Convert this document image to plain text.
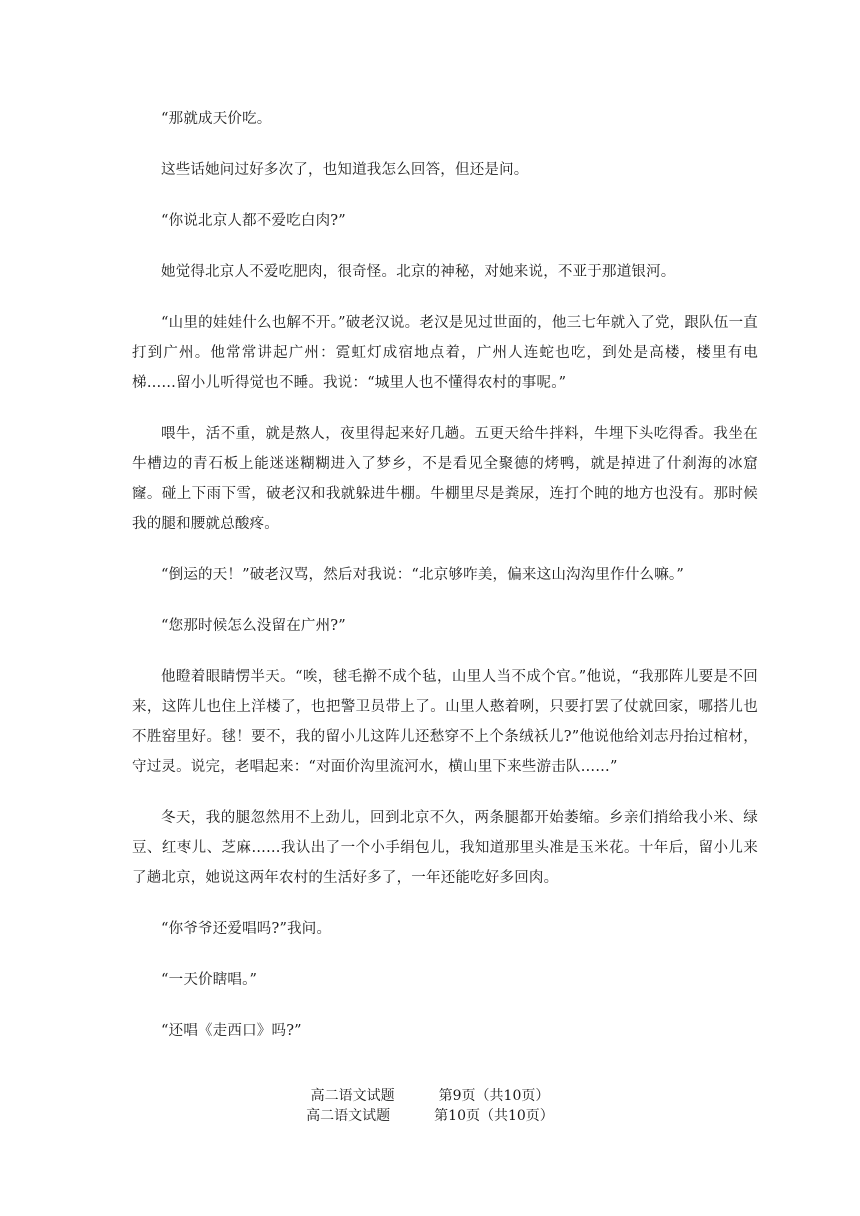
“那就成天价吃。

这些话她问过好多次了，也知道我怎么回答，但还是问。

“你说北京人都不爱吃白肉?”

她觉得北京人不爱吃肥肉，很奇怪。北京的神秘，对她来说，不亚于那道银河。

“山里的娃娃什么也解不开。”破老汉说。老汉是见过世面的，他三七年就入了党，跟队伍一直打到广州。他常常讲起广州：霓虹灯成宿地点着，广州人连蛇也吃，到处是高楼，楼里有电梯……留小儿听得觉也不睡。我说：“城里人也不懂得农村的事呢。”

喂牛，活不重，就是熬人，夜里得起来好几趟。五更天给牛拌料，牛埋下头吃得香。我坐在牛槽边的青石板上能迷迷糊糊进入了梦乡，不是看见全聚德的烤鸭，就是掉进了什刹海的冰窟窿。碰上下雨下雪，破老汉和我就躲进牛棚。牛棚里尽是粪尿，连打个盹的地方也没有。那时候我的腿和腰就总酸疼。

“倒运的天！”破老汉骂，然后对我说：“北京够咋美，偏来这山沟沟里作什么嘛。”

“您那时候怎么没留在广州?”

他瞪着眼睛愣半天。“唉，毬毛擀不成个毡，山里人当不成个官。”他说，“我那阵儿要是不回来，这阵儿也住上洋楼了，也把警卫员带上了。山里人憨着咧，只要打罢了仗就回家，哪搭儿也不胜窑里好。毬！要不，我的留小儿这阵儿还愁穿不上个条绒袄儿?”他说他给刘志丹抬过棺材，守过灵。说完，老唱起来：“对面价沟里流河水，横山里下来些游击队……”

冬天，我的腿忽然用不上劲儿，回到北京不久，两条腿都开始萎缩。乡亲们捎给我小米、绿豆、红枣儿、芝麻……我认出了一个小手绢包儿，我知道那里头准是玉米花。十年后，留小儿来了趟北京，她说这两年农村的生活好多了，一年还能吃好多回肉。

“你爷爷还爱唱吗?”我问。

“一天价瞎唱。”

“还唱《走西口》吗?”

高二语文试题	第9页（共10页）
高二语文试题	第10页（共10页）
